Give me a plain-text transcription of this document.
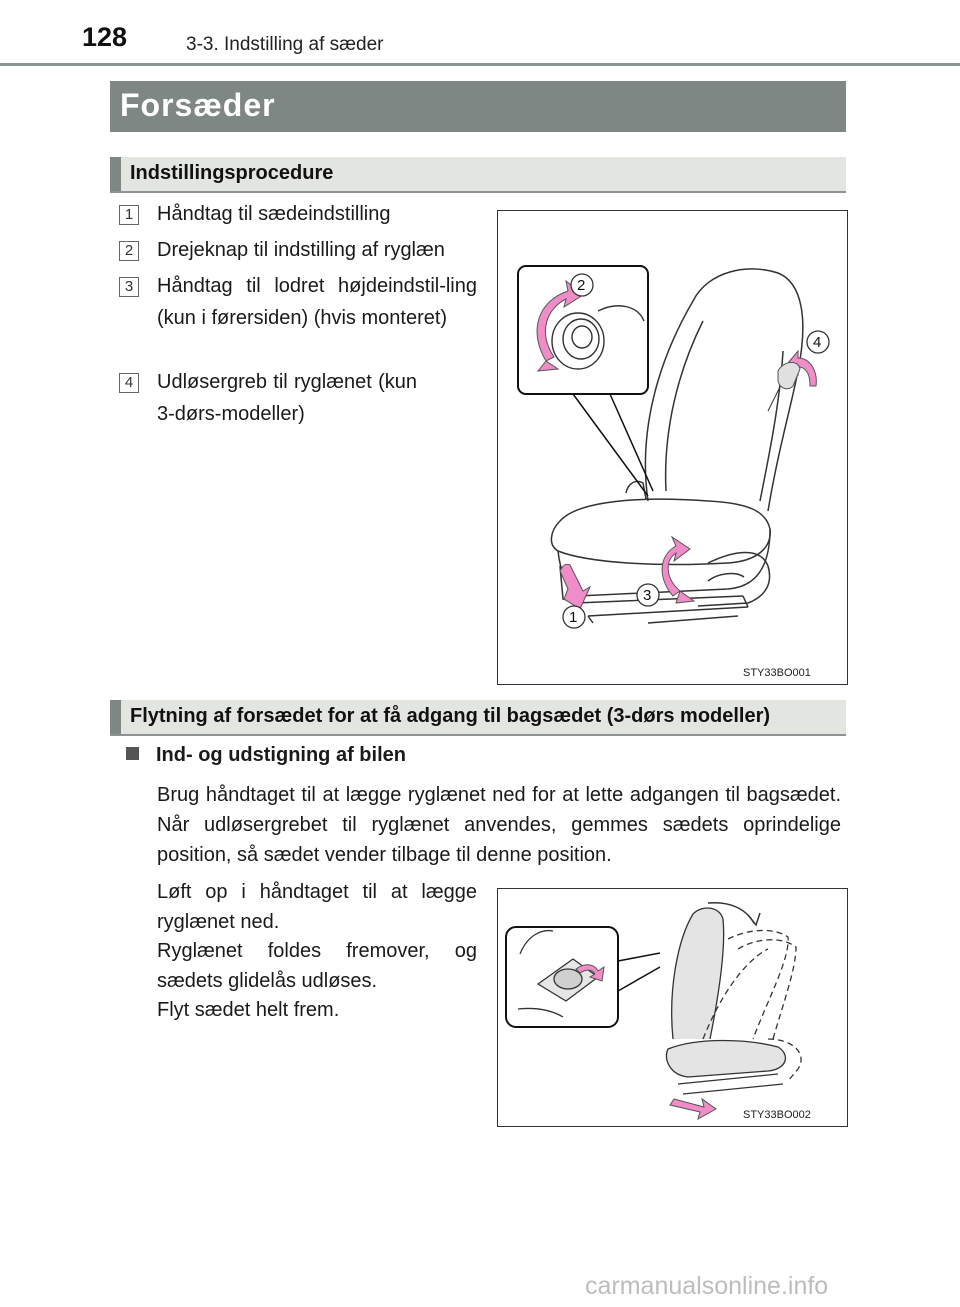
128	3-3. Indstilling af sæder
Forsæder
Indstillingsprocedure
1 Håndtag til sædeindstilling
2 Drejeknap til indstilling af ryglæn
3 Håndtag til lodret højdeindstil-ling (kun i førersiden) (hvis monteret)
4 Udløsergreb til ryglænet (kun 3-dørs-modeller)
2
4
3
1
STY33BO001
Flytning af forsædet for at få adgang til bagsædet (3-dørs modeller)
Ind- og udstigning af bilen
Brug håndtaget til at lægge ryglænet ned for at lette adgangen til bagsædet. Når udløsergrebet til ryglænet anvendes, gemmes sædets oprindelige position, så sædet vender tilbage til denne position.
Løft op i håndtaget til at lægge ryglænet ned.
Ryglænet foldes fremover, og sædets glidelås udløses.
Flyt sædet helt frem.
STY33BO002
carmanualsonline.info
